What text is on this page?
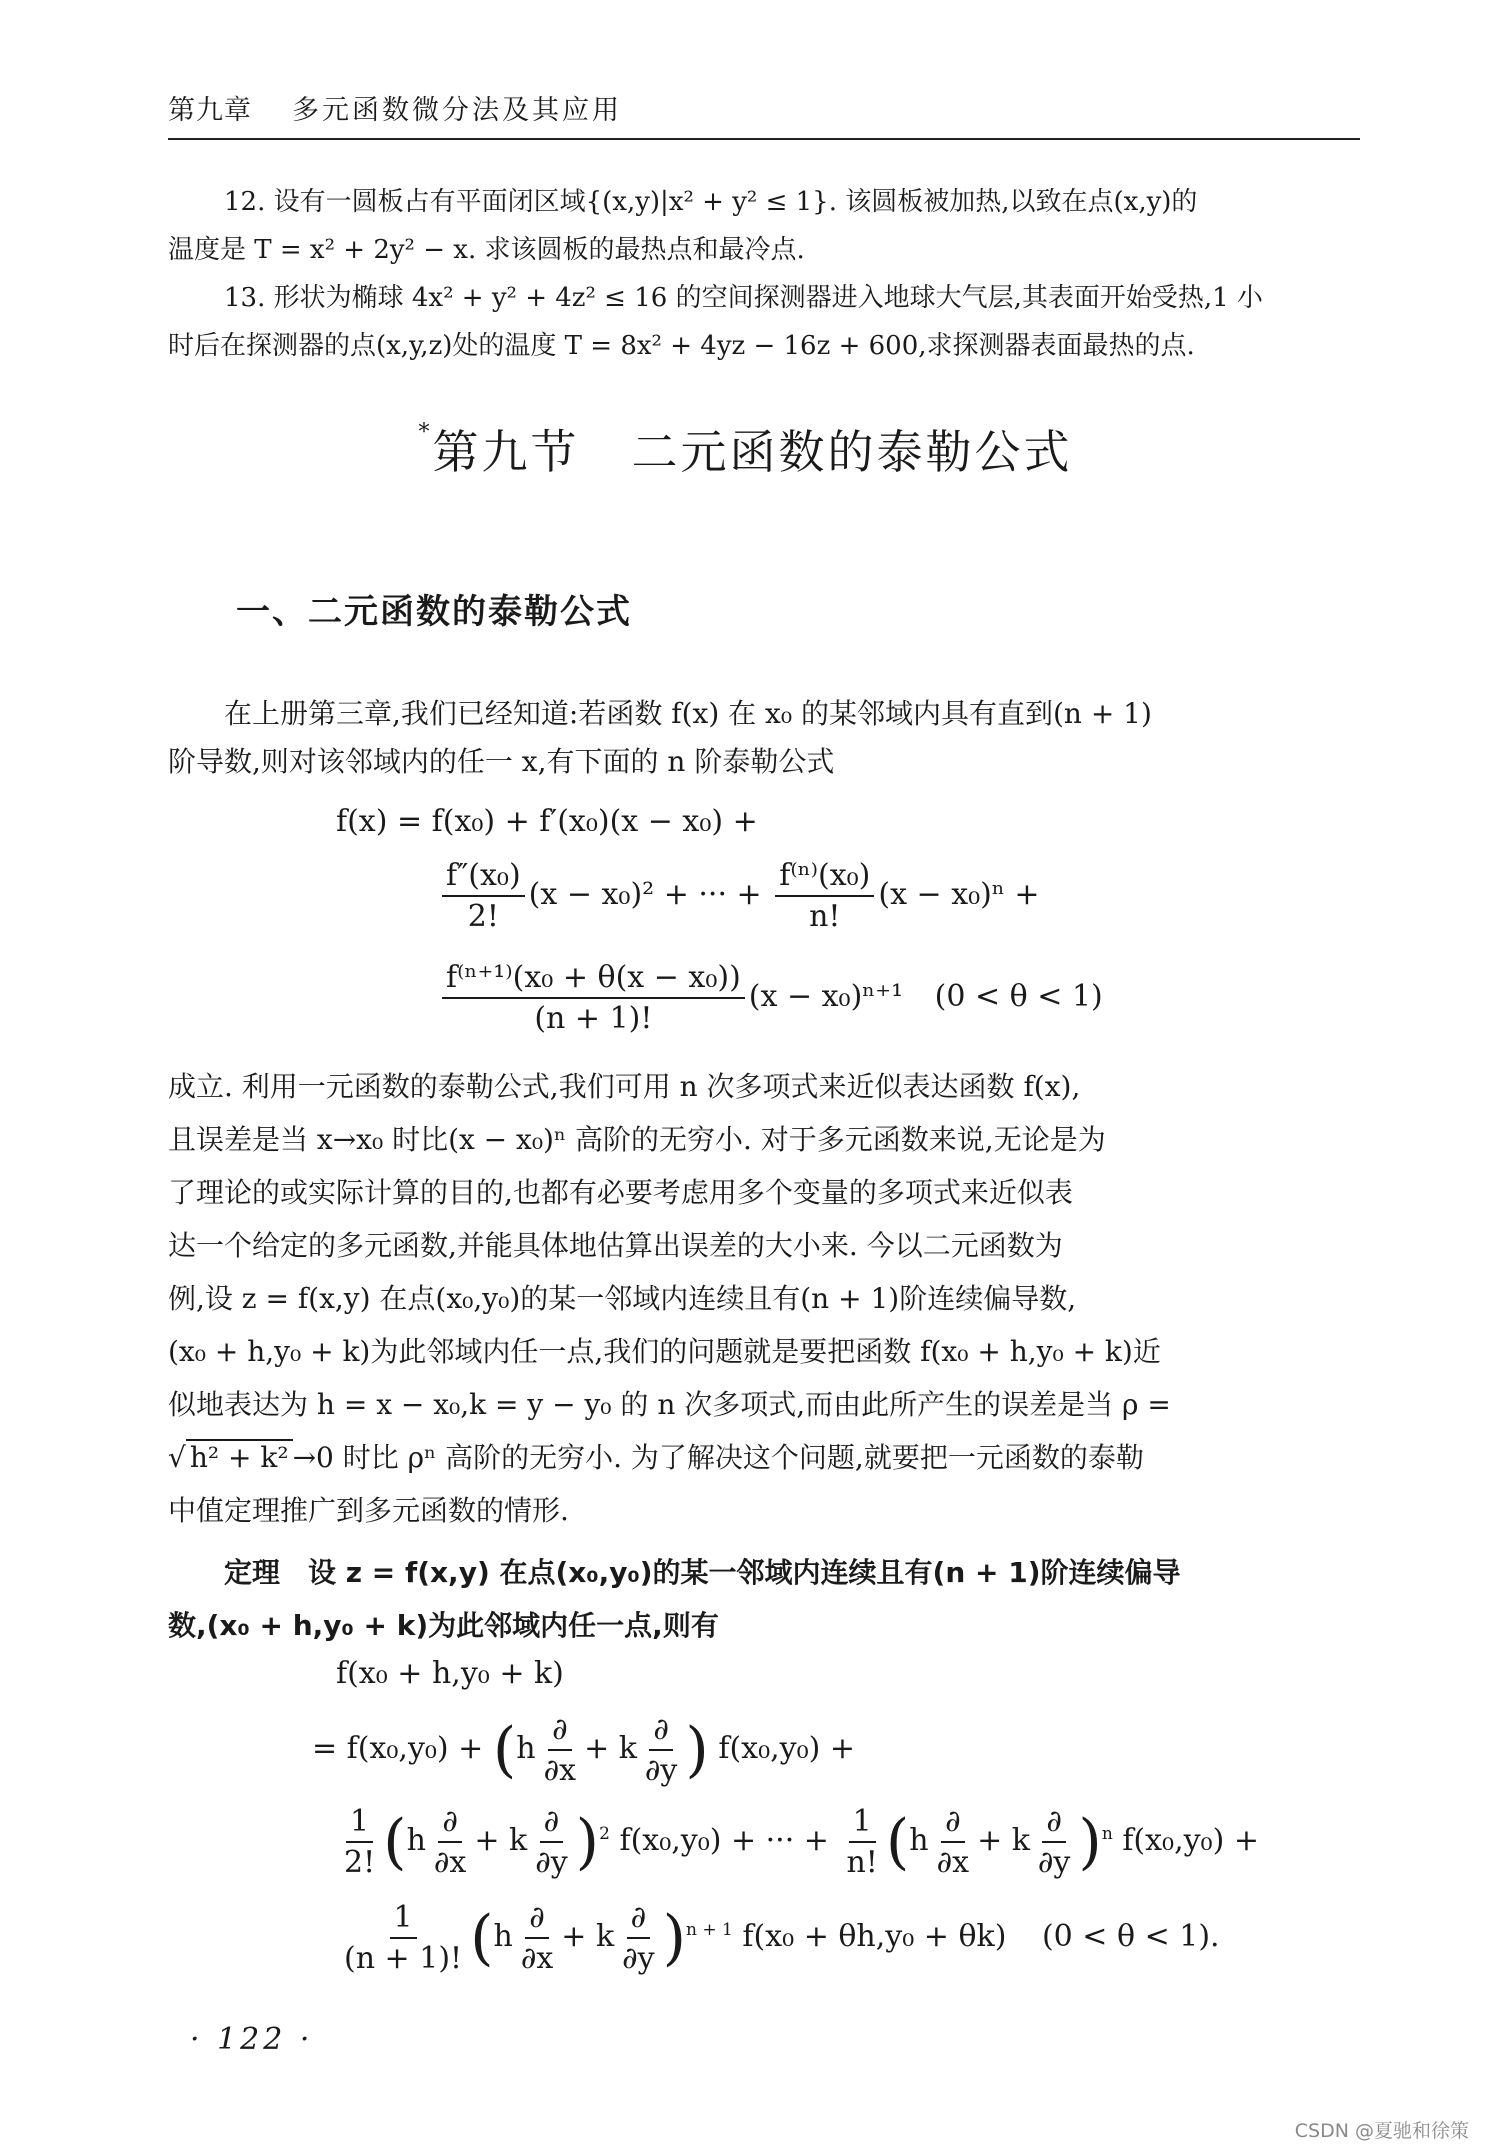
第九章 多元函数微分法及其应用
12. 设有一圆板占有平面闭区域{(x,y)|x² + y² ≤ 1}. 该圆板被加热,以致在点(x,y)的
温度是 T = x² + 2y² − x. 求该圆板的最热点和最冷点.
13. 形状为椭球 4x² + y² + 4z² ≤ 16 的空间探测器进入地球大气层,其表面开始受热,1 小
时后在探测器的点(x,y,z)处的温度 T = 8x² + 4yz − 16z + 600,求探测器表面最热的点.
*第九节 二元函数的泰勒公式
一、二元函数的泰勒公式
在上册第三章,我们已经知道:若函数 f(x) 在 x₀ 的某邻域内具有直到(n + 1)
阶导数,则对该邻域内的任一 x,有下面的 n 阶泰勒公式
f(x) = f(x₀) + f′(x₀)(x − x₀) +
$\frac{\text{f″(x₀)}}{2!} (x - x_0)^2$ + ··· + $\frac{\text{f⁽ⁿ⁾(x₀)}}{n!} (x - x_0)^n$ +
$\frac{\text{f⁽ⁿ⁺¹⁾(x₀ + θ(x − x₀))}}{(n + 1)!} (x - x_0)^{n+1}$ (0 < θ < 1)
成立. 利用一元函数的泰勒公式,我们可用 n 次多项式来近似表达函数 f(x),
且误差是当 x→x₀ 时比(x − x₀)ⁿ 高阶的无穷小. 对于多元函数来说,无论是为
了理论的或实际计算的目的,也都有必要考虑用多个变量的多项式来近似表
达一个给定的多元函数,并能具体地估算出误差的大小来. 今以二元函数为
例,设 z = f(x,y) 在点(x₀,y₀)的某一邻域内连续且有(n + 1)阶连续偏导数,
(x₀ + h,y₀ + k)为此邻域内任一点,我们的问题就是要把函数 f(x₀ + h,y₀ + k)近
似地表达为 h = x − x₀,k = y − y₀ 的 n 次多项式,而由此所产生的误差是当 ρ =
√ h² + k² →0 时比 ρⁿ 高阶的无穷小. 为了解决这个问题,就要把一元函数的泰勒
中值定理推广到多元函数的情形.
定理 设 z = f(x,y) 在点(x₀,y₀)的某一邻域内连续且有(n + 1)阶连续偏导
数,(x₀ + h,y₀ + k)为此邻域内任一点,则有
f(x₀ + h,y₀ + k)
= $f(x_0,y_0) + (h \frac{\partial}{\partial x} + k \frac{\partial}{\partial y}$ ) f(x₀,y₀) +
$\frac{1}{2!} (h \frac{\partial}{\partial x} + k \frac{\partial}{\partial y} )^2$ f(x₀,y₀) + ··· + $\frac{1}{n!} (h \frac{\partial}{\partial x} + k \frac{\partial}{\partial y} )^n$ f(x₀,y₀) +
$\frac{1}{(n + 1)!} (h \frac{\partial}{\partial x} + k \frac{\partial}{\partial y} )^{n + 1}$ f(x₀ + θh,y₀ + θk) (0 < θ < 1).
· 122 ·
CSDN @夏驰和徐策
